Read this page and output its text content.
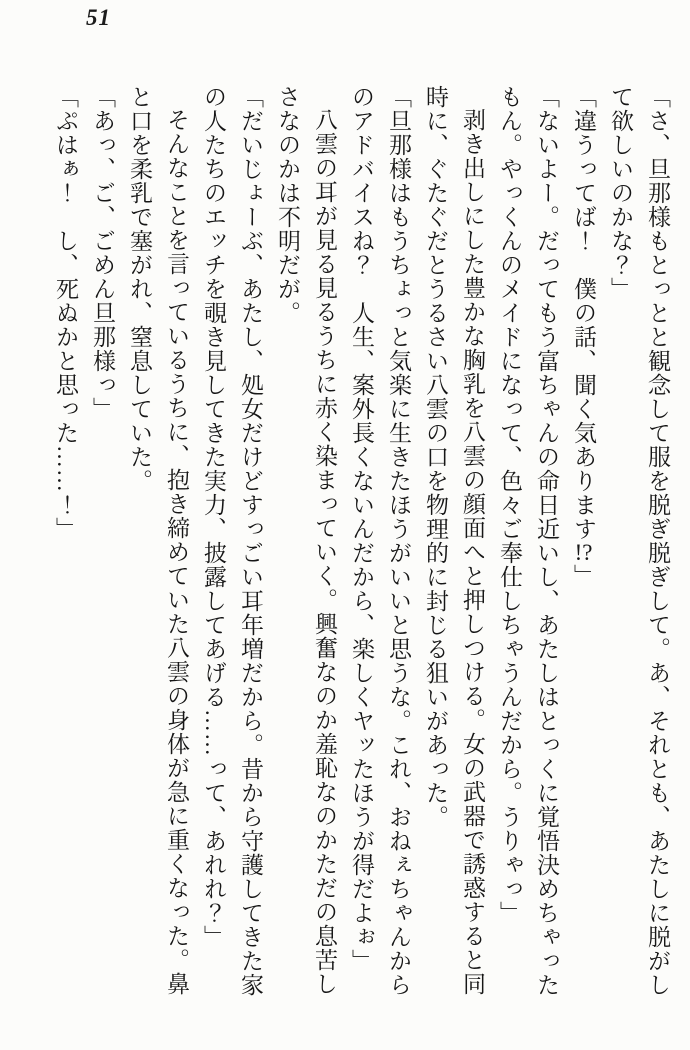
51

「さ、旦那様もとっとと観念して服を脱ぎ脱ぎして。あ、それとも、あたしに脱がして欲しいのかな？」

「違うってば！　僕の話、聞く気あります!?」

「ないよー。だってもう富ちゃんの命日近いし、あたしはとっくに覚悟決めちゃったもん。やっくんのメイドになって、色々ご奉仕しちゃうんだから。うりゃっ」

剥き出しにした豊かな胸乳を八雲の顔面へと押しつける。女の武器で誘惑すると同時に、ぐたぐだとうるさい八雲の口を物理的に封じる狙いがあった。

「旦那様はもうちょっと気楽に生きたほうがいいと思うな。これ、おねぇちゃんからのアドバイスね？　人生、案外長くないんだから、楽しくヤッたほうが得だよぉ」

八雲の耳が見る見るうちに赤く染まっていく。興奮なのか羞恥なのかただの息苦しさなのかは不明だが。

「だいじょーぶ、あたし、処女だけどすっごい耳年増だから。昔から守護してきた家の人たちのエッチを覗き見してきた実力、披露してあげる……って、あれれ？」

そんなことを言っているうちに、抱き締めていた八雲の身体が急に重くなった。鼻と口を柔乳で塞がれ、窒息していた。

「あっ、ご、ごめん旦那様っ」

「ぷはぁ！　し、死ぬかと思った……！」
